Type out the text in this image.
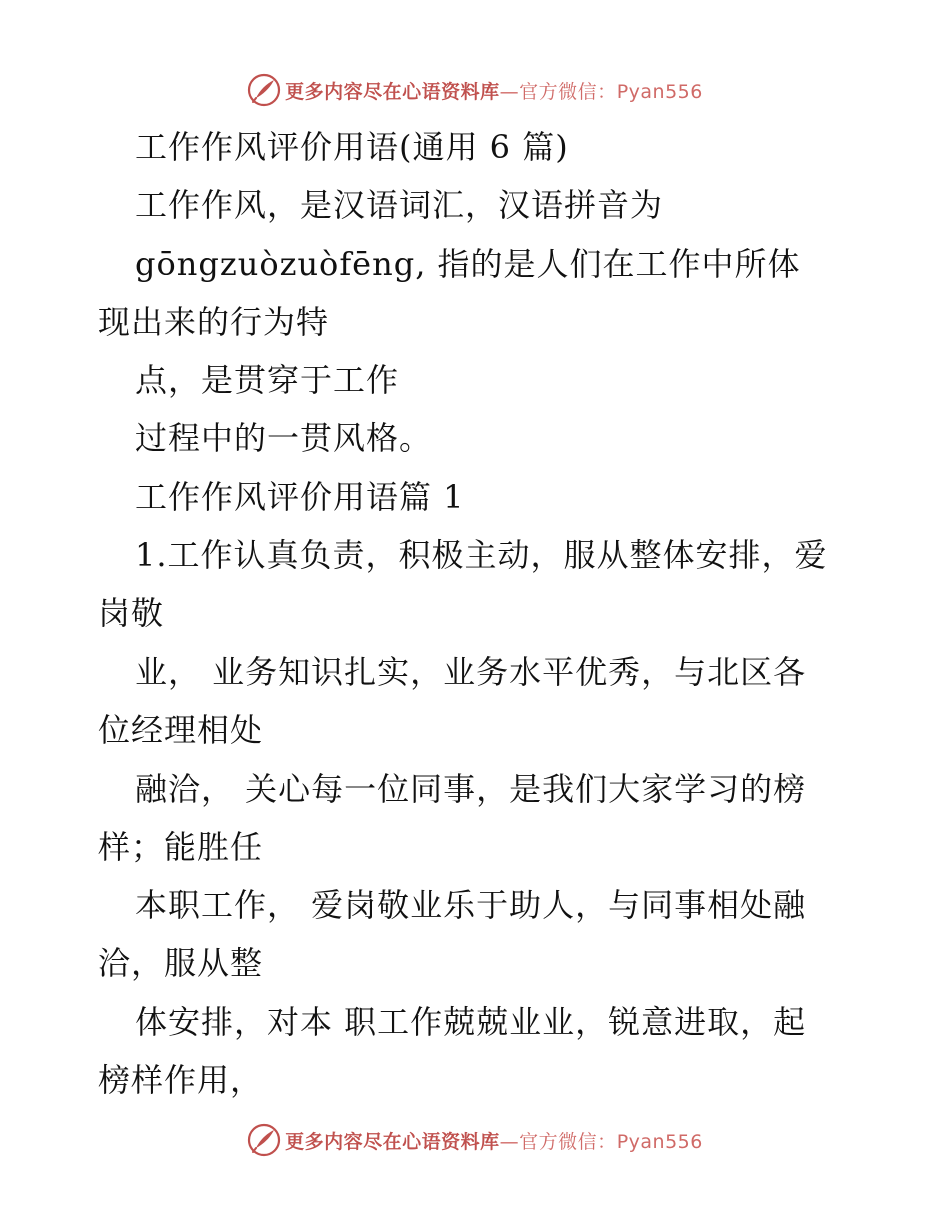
更多内容尽在心语资料库—官方微信：Pyan556
工作作风评价用语(通用 6 篇)
工作作风，是汉语词汇，汉语拼音为
gōngzuòzuòfēng, 指的是人们在工作中所体
现出来的行为特
点，是贯穿于工作
过程中的一贯风格。
工作作风评价用语篇 1
1.工作认真负责，积极主动，服从整体安排，爱
岗敬
业， 业务知识扎实，业务水平优秀，与北区各
位经理相处
融洽， 关心每一位同事，是我们大家学习的榜
样；能胜任
本职工作， 爱岗敬业乐于助人，与同事相处融
洽，服从整
体安排，对本 职工作兢兢业业，锐意进取，起
榜样作用，
更多内容尽在心语资料库—官方微信：Pyan556
